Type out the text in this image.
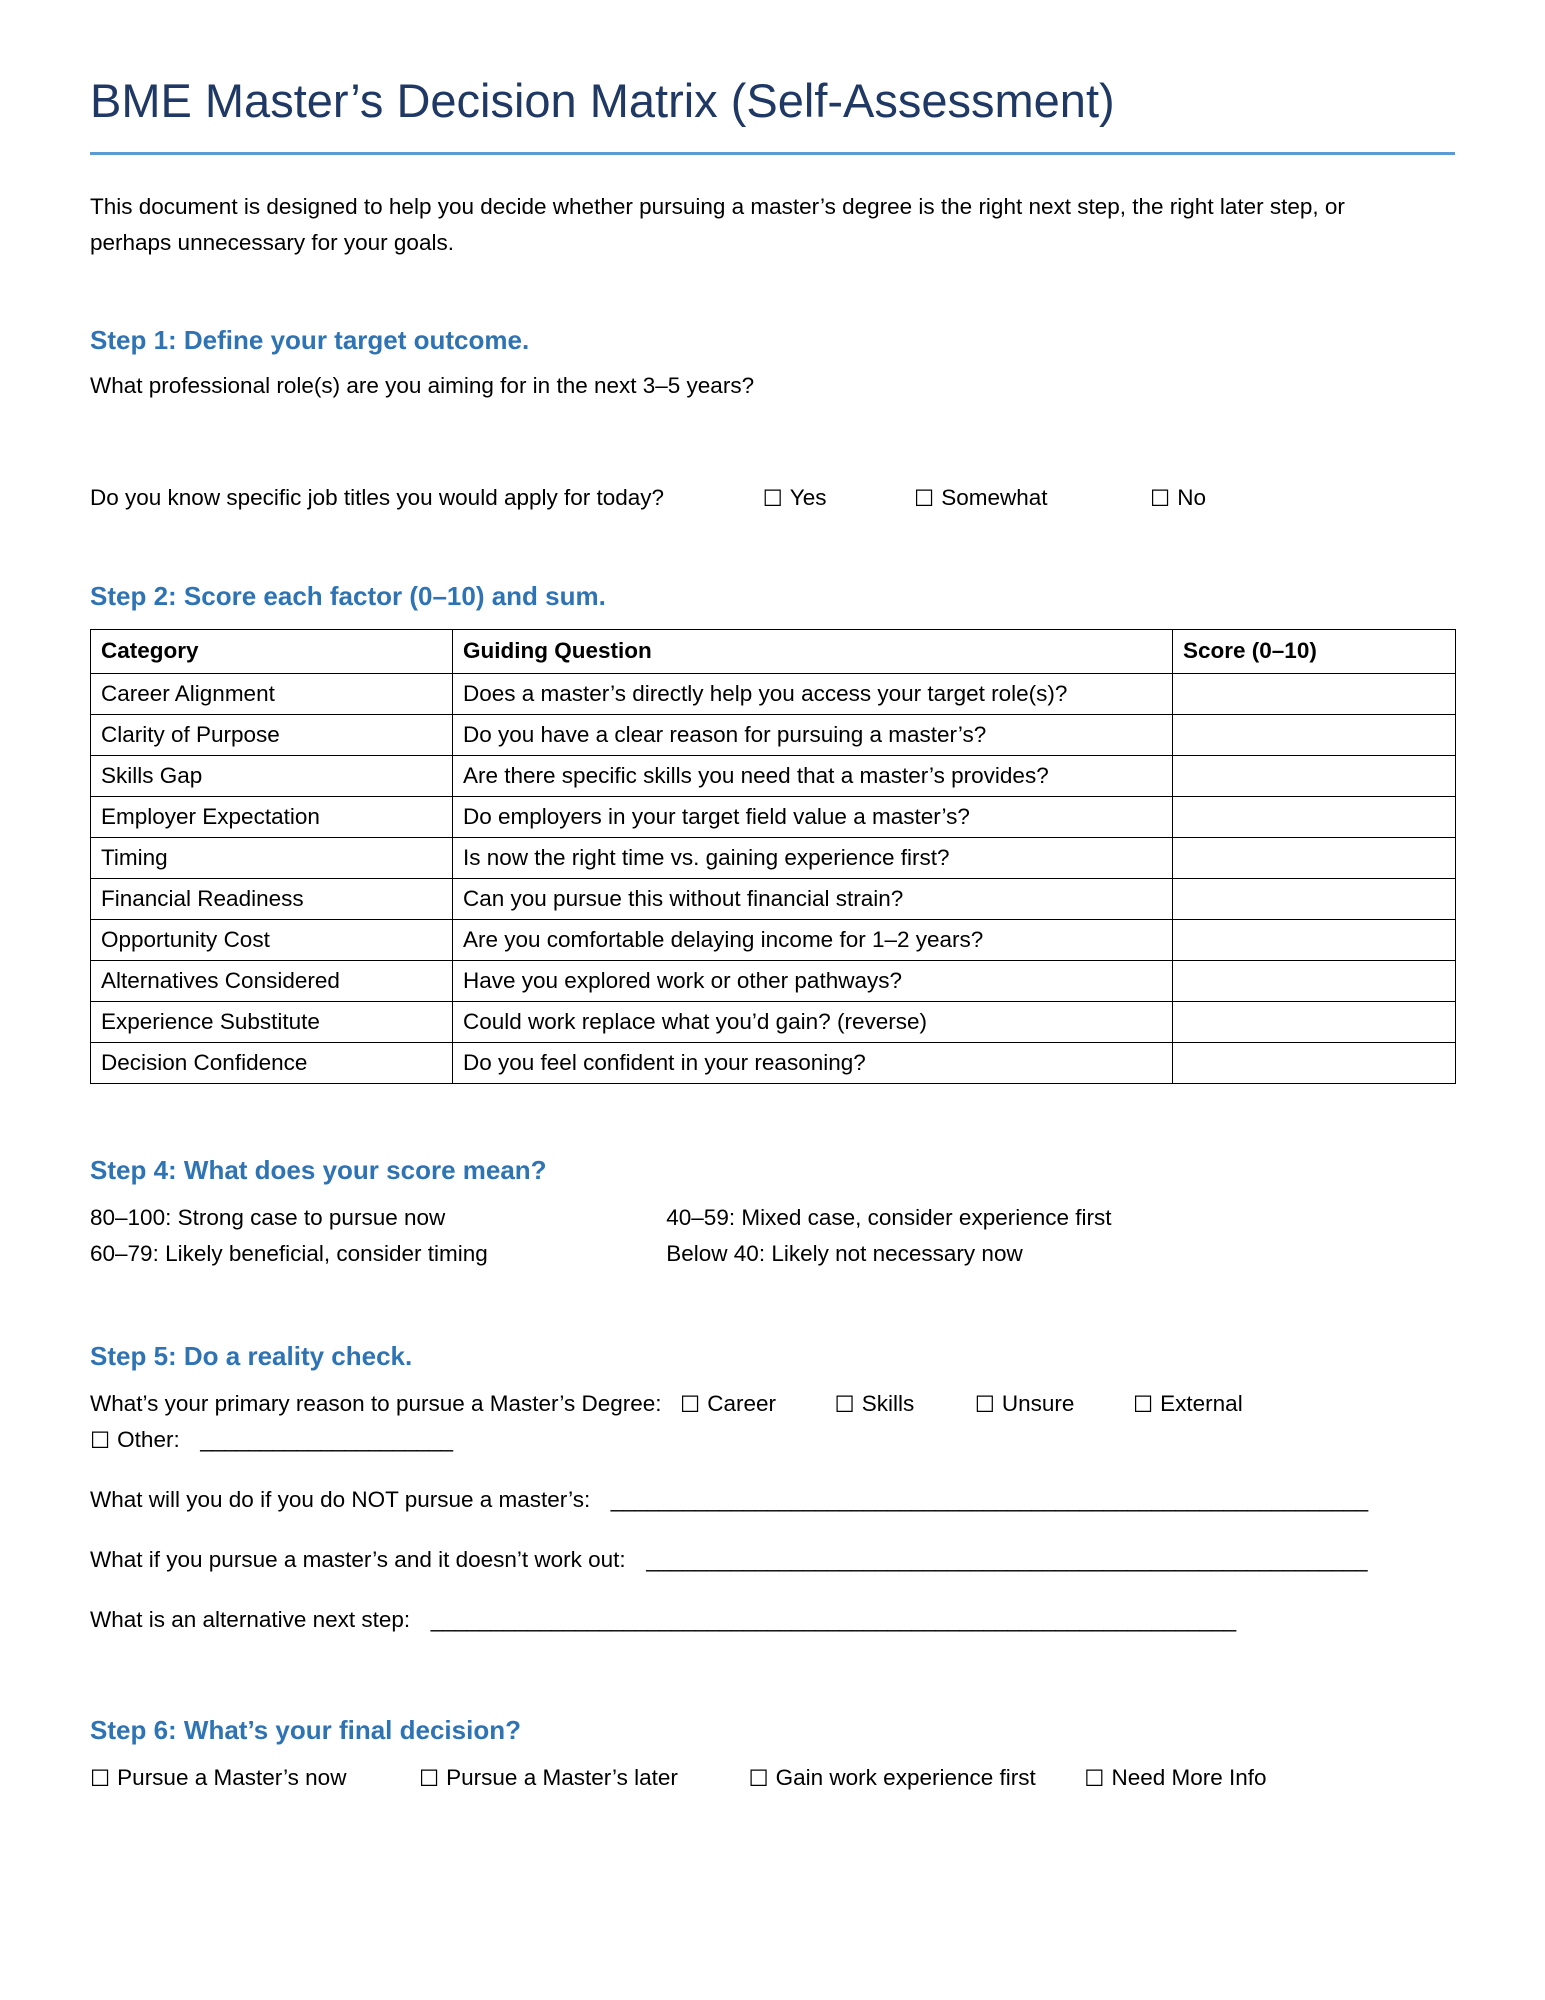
BME Master’s Decision Matrix (Self-Assessment)

This document is designed to help you decide whether pursuing a master’s degree is the right next step, the right later step, or perhaps unnecessary for your goals.

Step 1: Define your target outcome.

What professional role(s) are you aiming for in the next 3–5 years?

Do you know specific job titles you would apply for today?	☐ Yes	☐ Somewhat	☐ No
Step 2: Score each factor (0–10) and sum.
Category	Guiding Question	Score (0–10)
Career Alignment	Does a master’s directly help you access your target role(s)?	
Clarity of Purpose	Do you have a clear reason for pursuing a master’s?	
Skills Gap	Are there specific skills you need that a master’s provides?	
Employer Expectation	Do employers in your target field value a master’s?	
Timing	Is now the right time vs. gaining experience first?	
Financial Readiness	Can you pursue this without financial strain?	
Opportunity Cost	Are you comfortable delaying income for 1–2 years?	
Alternatives Considered	Have you explored work or other pathways?	
Experience Substitute	Could work replace what you’d gain? (reverse)	
Decision Confidence	Do you feel confident in your reasoning?	
Step 4: What does your score mean?
80–100: Strong case to pursue now	40–59: Mixed case, consider experience first
60–79: Likely beneficial, consider timing	Below 40: Likely not necessary now
Step 5: Do a reality check.
What’s your primary reason to pursue a Master’s Degree: ☐ Career	☐ Skills	☐ Unsure	☐ External
☐ Other: _____________________
What will you do if you do NOT pursue a master’s: _______________________________________________________________
What if you pursue a master’s and it doesn’t work out: ____________________________________________________________
What is an alternative next step: ___________________________________________________________________
Step 6: What’s your final decision?
☐ Pursue a Master’s now	☐ Pursue a Master’s later	☐ Gain work experience first ☐ Need More Info
